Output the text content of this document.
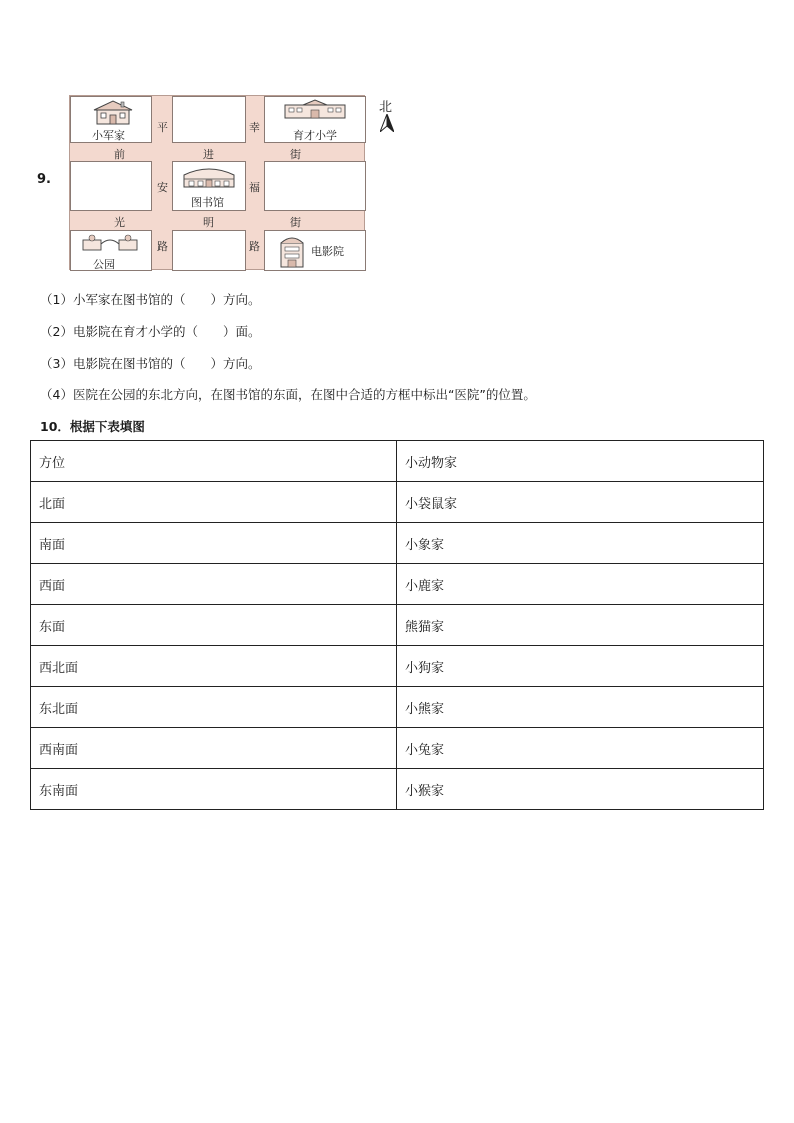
9.
小军家	育才小学
图书馆
公园
电影院
平
安
路
幸
福
路
前	进	街
光	明	街
北
（1）小军家在图书馆的（　　）方向。
（2）电影院在育才小学的（　　）面。
（3）电影院在图书馆的（　　）方向。
（4）医院在公园的东北方向，在图书馆的东面，在图中合适的方框中标出“医院”的位置。
10．根据下表填图
方位	小动物家
北面	小袋鼠家
南面	小象家
西面	小鹿家
东面	熊猫家
西北面	小狗家
东北面	小熊家
西南面	小兔家
东南面	小猴家
